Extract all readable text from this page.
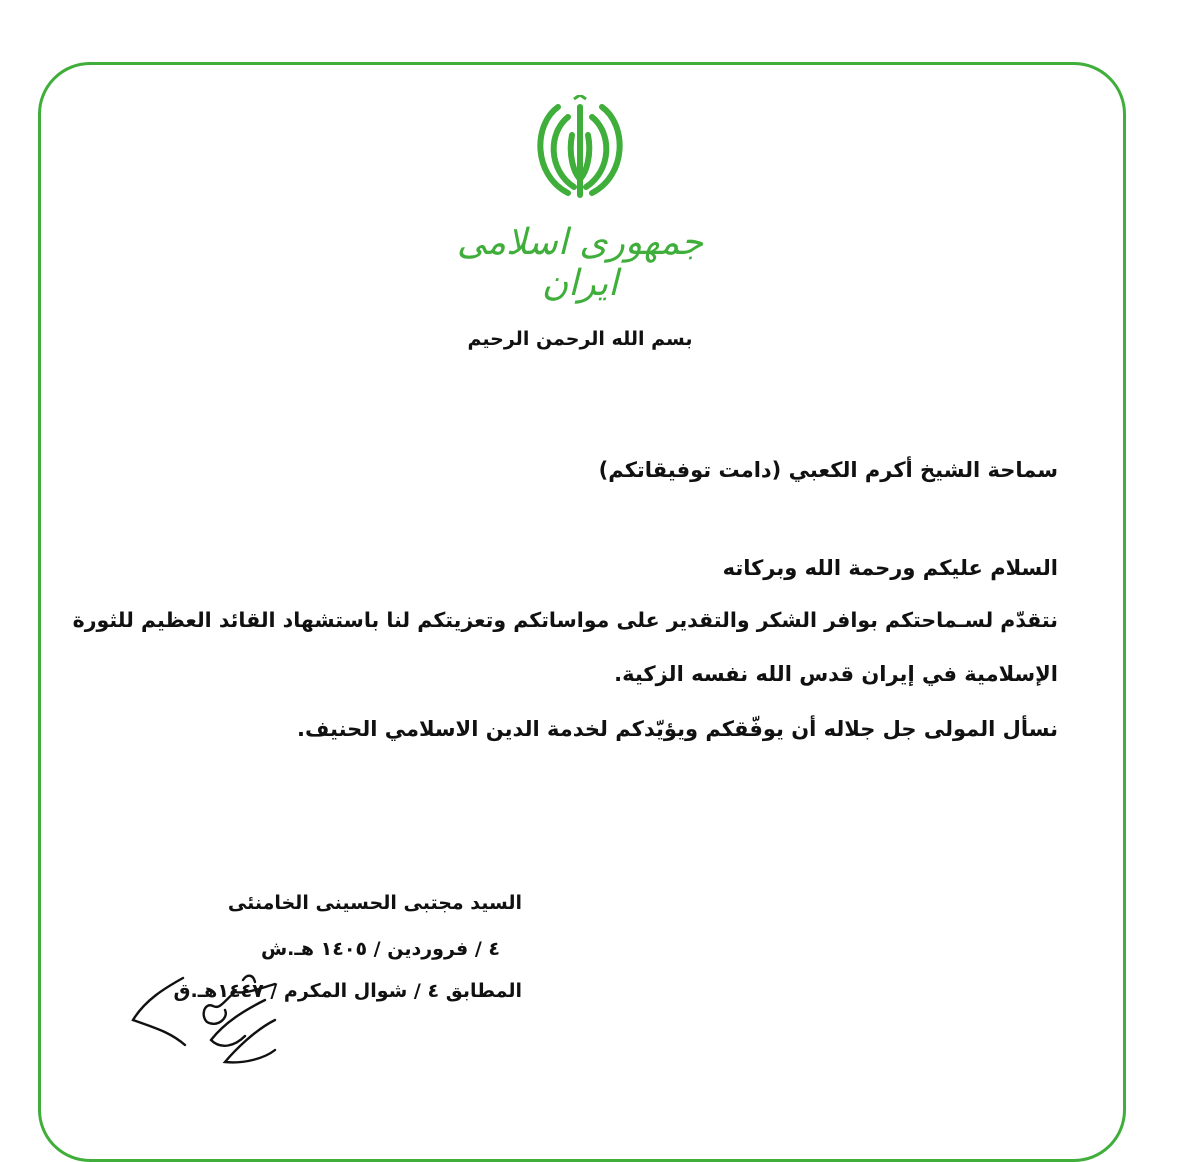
جمهوری اسلامی ایران
بسم الله الرحمن الرحيم
سماحة الشيخ أكرم الكعبي (دامت توفيقاتكم)
السلام عليكم ورحمة الله وبركاته
نتقدّم لسـماحتكم بوافر الشكر والتقدير على مواساتكم وتعزيتكم لنا باستشهاد القائد العظيم للثورة
الإسلامية في إيران قدس الله نفسه الزكية.
نسأل المولى جل جلاله أن يوفّقكم ويؤيّدكم لخدمة الدين الاسلامي الحنيف.
السيد مجتبى الحسينى الخامنئى
٤ / فروردين / ١٤٠٥ هـ.ش
المطابق ٤ / شوال المكرم / ١٤٤٧هـ.ق
